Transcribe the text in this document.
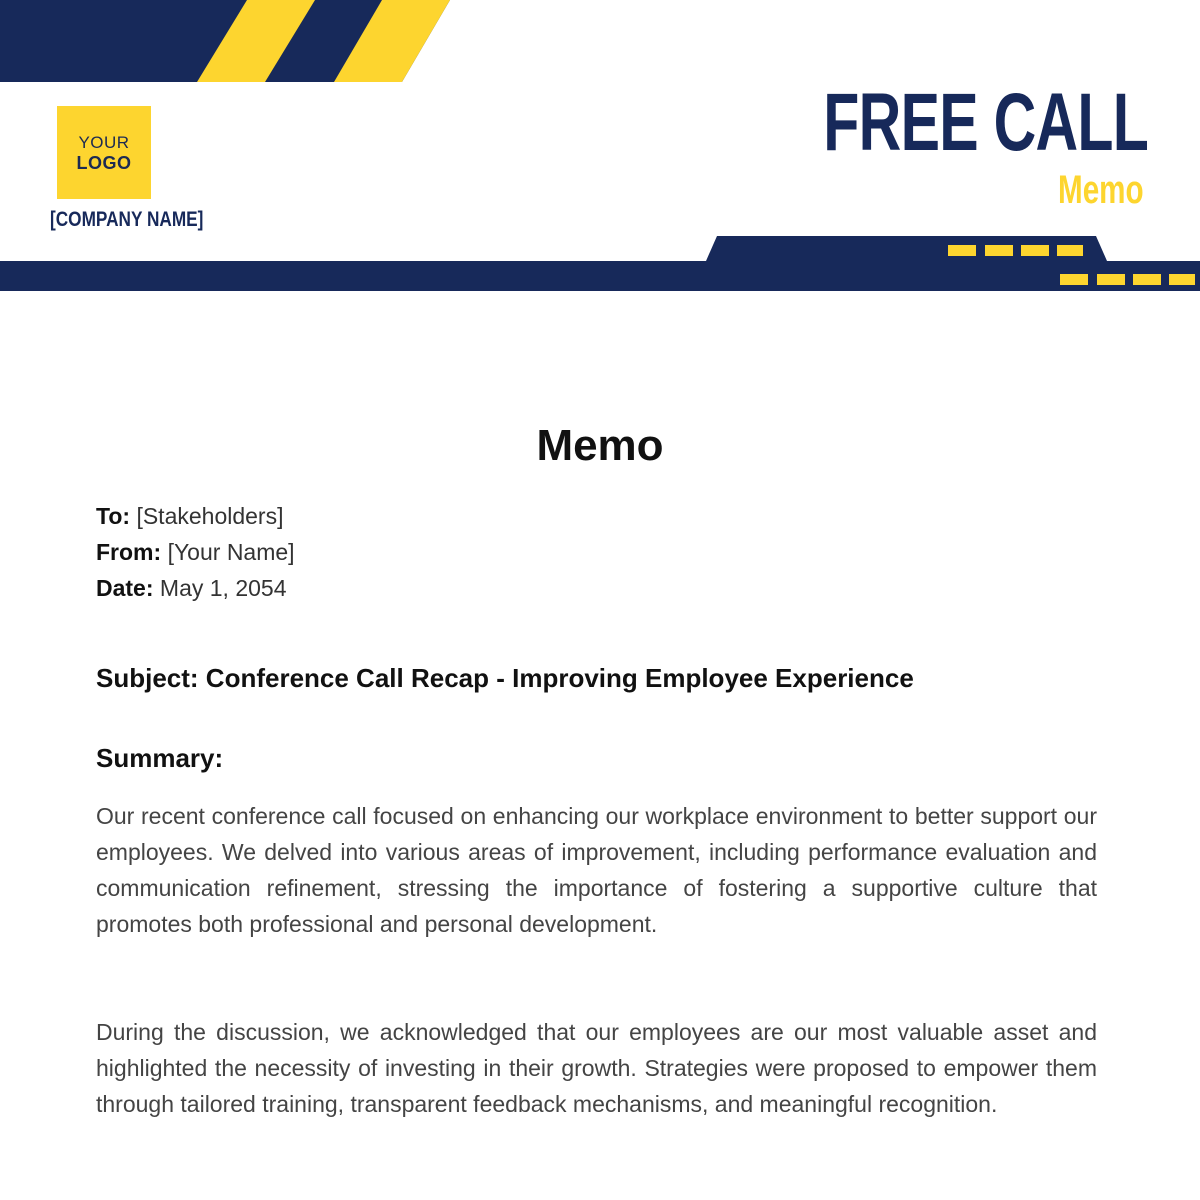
YOUR
LOGO
[COMPANY NAME]
FREE CALL
Memo
Memo
To: [Stakeholders]
From: [Your Name]
Date: May 1, 2054
Subject: Conference Call Recap - Improving Employee Experience
Summary:

Our recent conference call focused on enhancing our workplace environment to better support our employees. We delved into various areas of improvement, including performance evaluation and communication refinement, stressing the importance of fostering a supportive culture that promotes both professional and personal development.

During the discussion, we acknowledged that our employees are our most valuable asset and highlighted the necessity of investing in their growth. Strategies were proposed to empower them through tailored training, transparent feedback mechanisms, and meaningful recognition.
